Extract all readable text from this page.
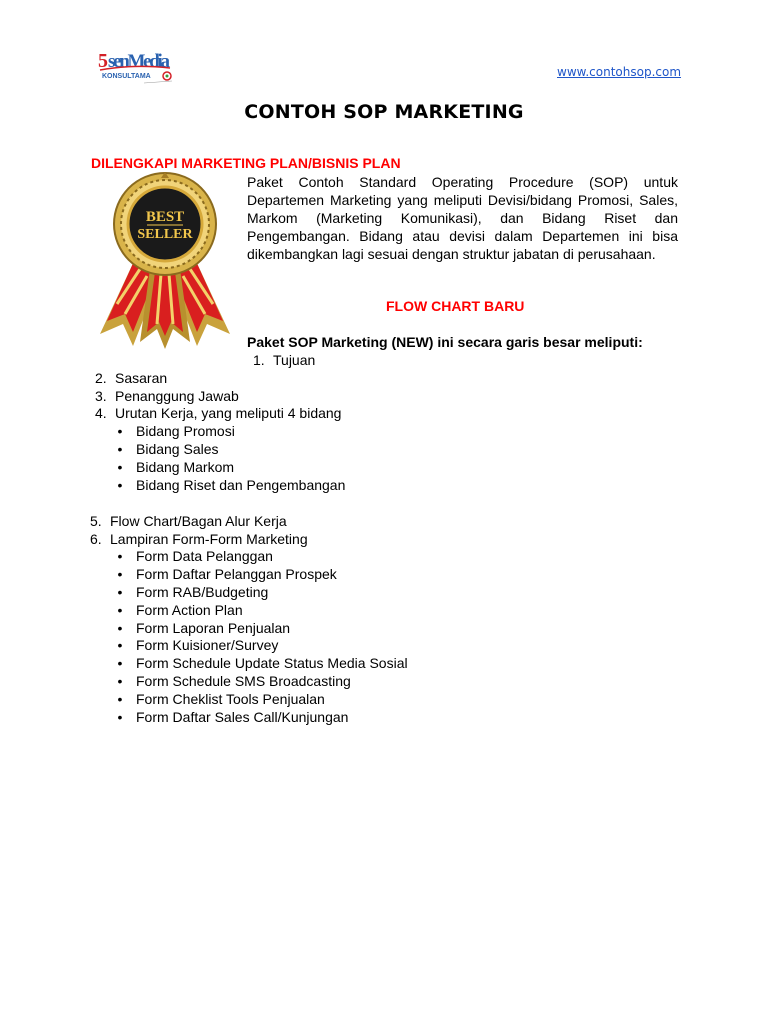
5 senMedia
KONSULTAMA	www.contohsop.com
CONTOH SOP MARKETING
DILENGKAPI MARKETING PLAN/BISNIS PLAN
BEST
SELLER
Paket Contoh Standard Operating Procedure (SOP) untuk Departemen Marketing yang meliputi Devisi/bidang Promosi, Sales, Markom (Marketing Komunikasi), dan Bidang Riset dan Pengembangan. Bidang atau devisi dalam Departemen ini bisa dikembangkan lagi sesuai dengan struktur jabatan di perusahaan.
FLOW CHART BARU
Paket SOP Marketing (NEW) ini secara garis besar meliputi:
1. Tujuan
2. Sasaran
3. Penanggung Jawab
4. Urutan Kerja, yang meliputi 4 bidang
• Bidang Promosi
• Bidang Sales
• Bidang Markom
• Bidang Riset dan Pengembangan
5. Flow Chart/Bagan Alur Kerja
6. Lampiran Form-Form Marketing
• Form Data Pelanggan
• Form Daftar Pelanggan Prospek
• Form RAB/Budgeting
• Form Action Plan
• Form Laporan Penjualan
• Form Kuisioner/Survey
• Form Schedule Update Status Media Sosial
• Form Schedule SMS Broadcasting
• Form Cheklist Tools Penjualan
• Form Daftar Sales Call/Kunjungan
